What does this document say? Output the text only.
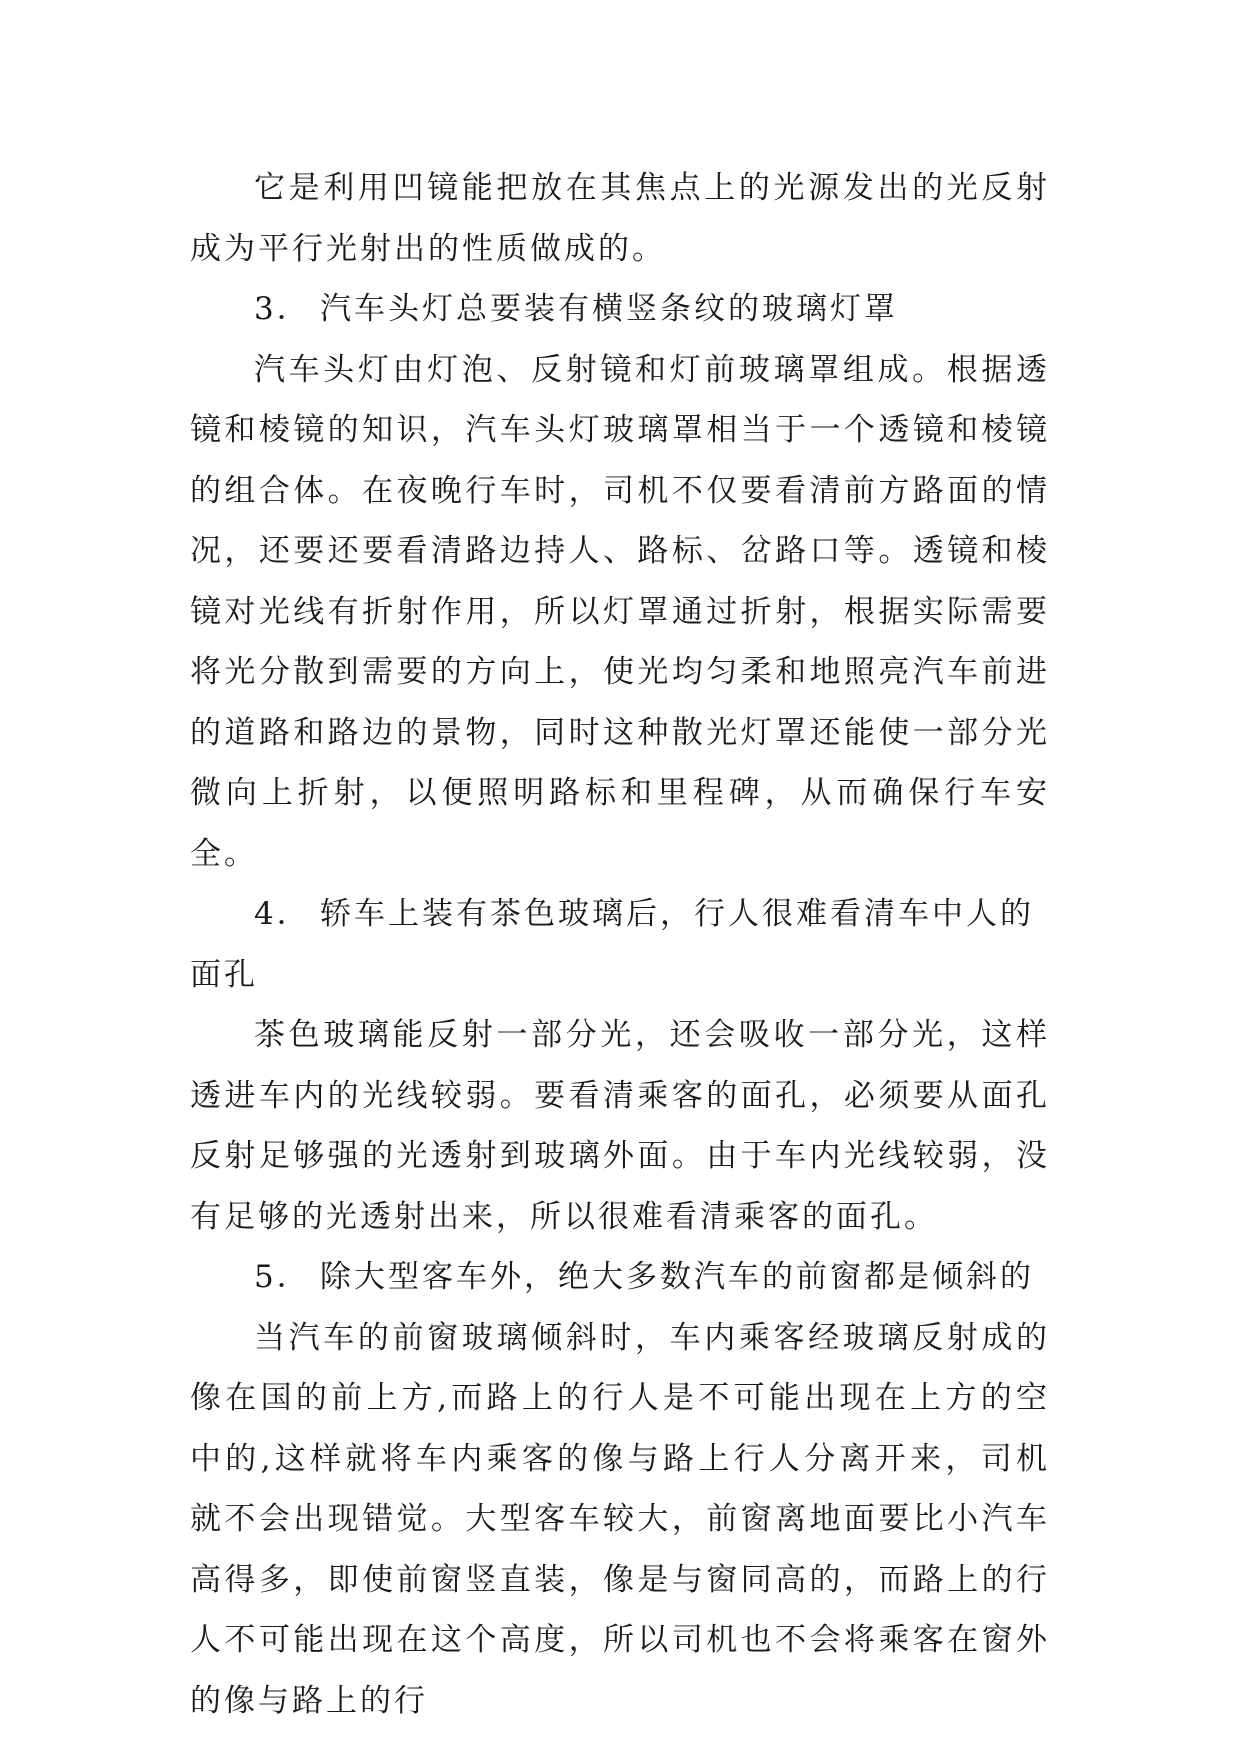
它是利用凹镜能把放在其焦点上的光源发出的光反射成为平行光射出的性质做成的。

3． 汽车头灯总要装有横竖条纹的玻璃灯罩

汽车头灯由灯泡、反射镜和灯前玻璃罩组成。根据透镜和棱镜的知识，汽车头灯玻璃罩相当于一个透镜和棱镜的组合体。在夜晚行车时，司机不仅要看清前方路面的情况，还要还要看清路边持人、路标、岔路口等。透镜和棱镜对光线有折射作用，所以灯罩通过折射，根据实际需要将光分散到需要的方向上，使光均匀柔和地照亮汽车前进的道路和路边的景物，同时这种散光灯罩还能使一部分光微向上折射，以便照明路标和里程碑，从而确保行车安全。

4． 轿车上装有茶色玻璃后，行人很难看清车中人的面孔

茶色玻璃能反射一部分光，还会吸收一部分光，这样透进车内的光线较弱。要看清乘客的面孔，必须要从面孔反射足够强的光透射到玻璃外面。由于车内光线较弱，没有足够的光透射出来，所以很难看清乘客的面孔。

5． 除大型客车外，绝大多数汽车的前窗都是倾斜的

当汽车的前窗玻璃倾斜时，车内乘客经玻璃反射成的像在国的前上方,而路上的行人是不可能出现在上方的空中的,这样就将车内乘客的像与路上行人分离开来，司机就不会出现错觉。大型客车较大，前窗离地面要比小汽车高得多，即使前窗竖直装，像是与窗同高的，而路上的行人不可能出现在这个高度，所以司机也不会将乘客在窗外的像与路上的行
